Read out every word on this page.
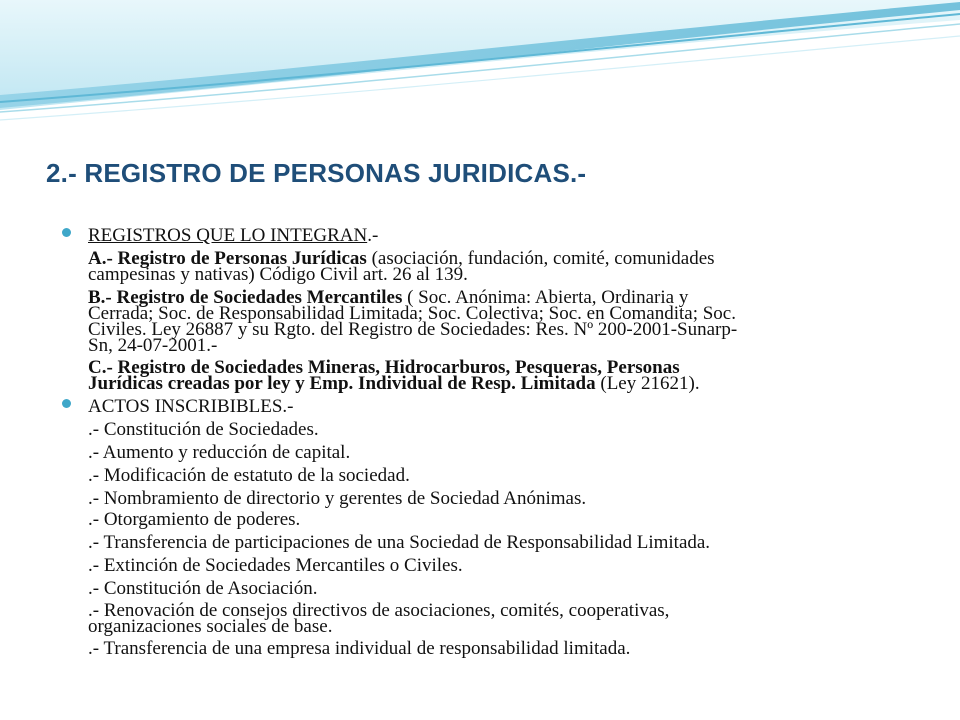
2.- REGISTRO DE PERSONAS JURIDICAS.-
REGISTROS QUE LO INTEGRAN.-
A.- Registro de Personas Jurídicas (asociación, fundación, comité, comunidades
campesinas y nativas) Código Civil art. 26 al 139.
B.- Registro de Sociedades Mercantiles ( Soc. Anónima: Abierta, Ordinaria y
Cerrada; Soc. de Responsabilidad Limitada; Soc. Colectiva; Soc. en Comandita; Soc.
Civiles. Ley 26887 y su Rgto. del Registro de Sociedades: Res. Nº 200-2001-Sunarp-
Sn, 24-07-2001.-
C.- Registro de Sociedades Mineras, Hidrocarburos, Pesqueras, Personas
Jurídicas creadas por ley y Emp. Individual de Resp. Limitada (Ley 21621).
ACTOS INSCRIBIBLES.-
.- Constitución de Sociedades.
.- Aumento y reducción de capital.
.- Modificación de estatuto de la sociedad.
.- Nombramiento de directorio y gerentes de Sociedad Anónimas.
.- Otorgamiento de poderes.
.- Transferencia de participaciones de una Sociedad de Responsabilidad Limitada.
.- Extinción de Sociedades Mercantiles o Civiles.
.- Constitución de Asociación.
.- Renovación de consejos directivos de asociaciones, comités, cooperativas,
organizaciones sociales de base.
.- Transferencia de una empresa individual de responsabilidad limitada.
